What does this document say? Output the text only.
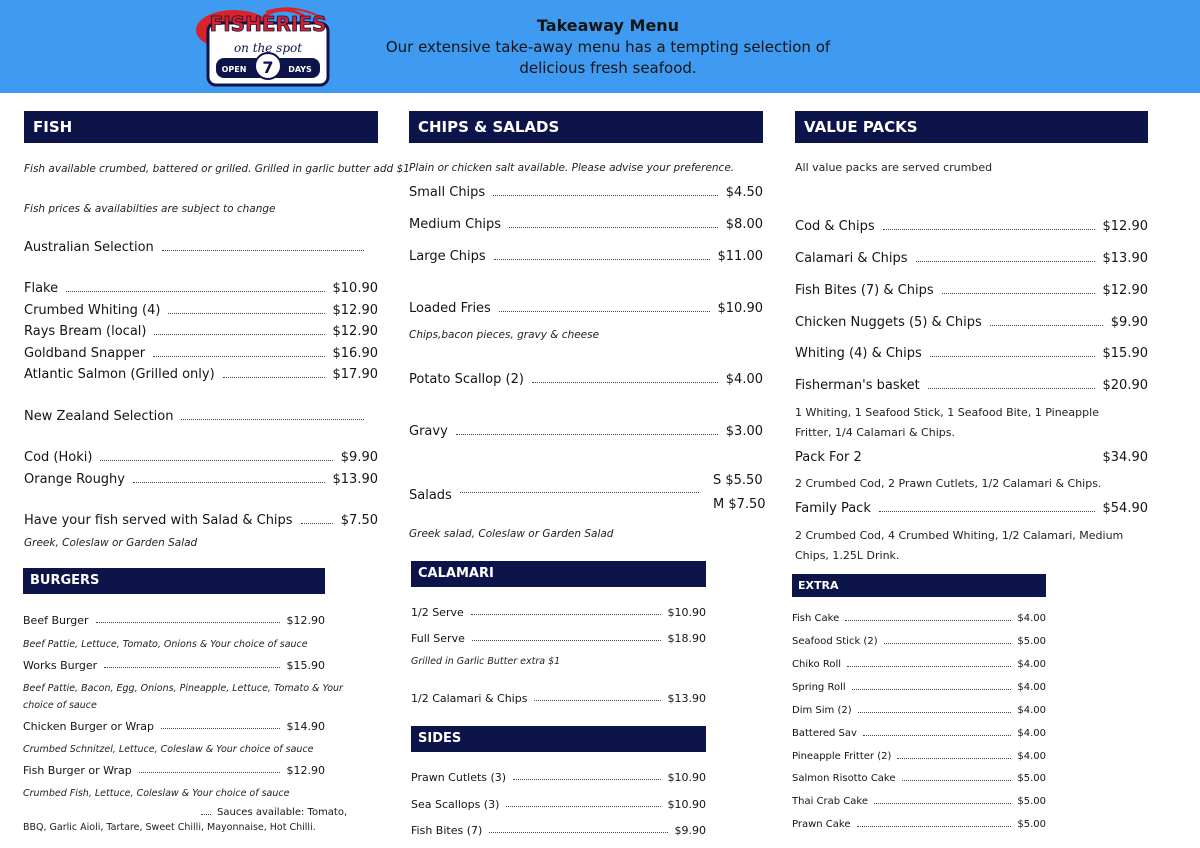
FISHERIES
on the spot
OPEN 7 DAYS
Takeaway Menu
Our extensive take-away menu has a tempting selection of
delicious fresh seafood.
FISH
Fish available crumbed, battered or grilled. Grilled in garlic butter add $1
Fish prices & availabilties are subject to change
Australian Selection
Flake	$10.90
Crumbed Whiting (4)	$12.90
Rays Bream (local)	$12.90
Goldband Snapper	$16.90
Atlantic Salmon (Grilled only)	$17.90
New Zealand Selection
Cod (Hoki)	$9.90
Orange Roughy	$13.90
Have your fish served with Salad & Chips	$7.50
Greek, Coleslaw or Garden Salad
BURGERS
Beef Burger	$12.90
Beef Pattie, Lettuce, Tomato, Onions & Your choice of sauce
Works Burger	$15.90
Beef Pattie, Bacon, Egg, Onions, Pineapple, Lettuce, Tomato & Your
choice of sauce
Chicken Burger or Wrap	$14.90
Crumbed Schnitzel, Lettuce, Coleslaw & Your choice of sauce
Fish Burger or Wrap	$12.90
Crumbed Fish, Lettuce, Coleslaw & Your choice of sauce
Sauces available: Tomato,
BBQ, Garlic Aioli, Tartare, Sweet Chilli, Mayonnaise, Hot Chilli.
CHIPS & SALADS
Plain or chicken salt available. Please advise your preference.
Small Chips	$4.50
Medium Chips	$8.00
Large Chips	$11.00
Loaded Fries	$10.90
Chips,bacon pieces, gravy & cheese
Potato Scallop (2)	$4.00
Gravy	$3.00
Salads
S $5.50
M $7.50
Greek salad, Coleslaw or Garden Salad
CALAMARI
1/2 Serve	$10.90
Full Serve	$18.90
Grilled in Garlic Butter extra $1
1/2 Calamari & Chips	$13.90
SIDES
Prawn Cutlets (3)	$10.90
Sea Scallops (3)	$10.90
Fish Bites (7)	$9.90
VALUE PACKS
All value packs are served crumbed
Cod & Chips	$12.90
Calamari & Chips	$13.90
Fish Bites (7) & Chips	$12.90
Chicken Nuggets (5) & Chips	$9.90
Whiting (4) & Chips	$15.90
Fisherman's basket	$20.90
1 Whiting, 1 Seafood Stick, 1 Seafood Bite, 1 Pineapple Fritter, 1/4 Calamari & Chips.
Pack For 2	$34.90
2 Crumbed Cod, 2 Prawn Cutlets, 1/2 Calamari & Chips.
Family Pack	$54.90
2 Crumbed Cod, 4 Crumbed Whiting, 1/2 Calamari, Medium Chips, 1.25L Drink.
EXTRA
Fish Cake	$4.00
Seafood Stick (2)	$5.00
Chiko Roll	$4.00
Spring Roll	$4.00
Dim Sim (2)	$4.00
Battered Sav	$4.00
Pineapple Fritter (2)	$4.00
Salmon Risotto Cake	$5.00
Thai Crab Cake	$5.00
Prawn Cake	$5.00
